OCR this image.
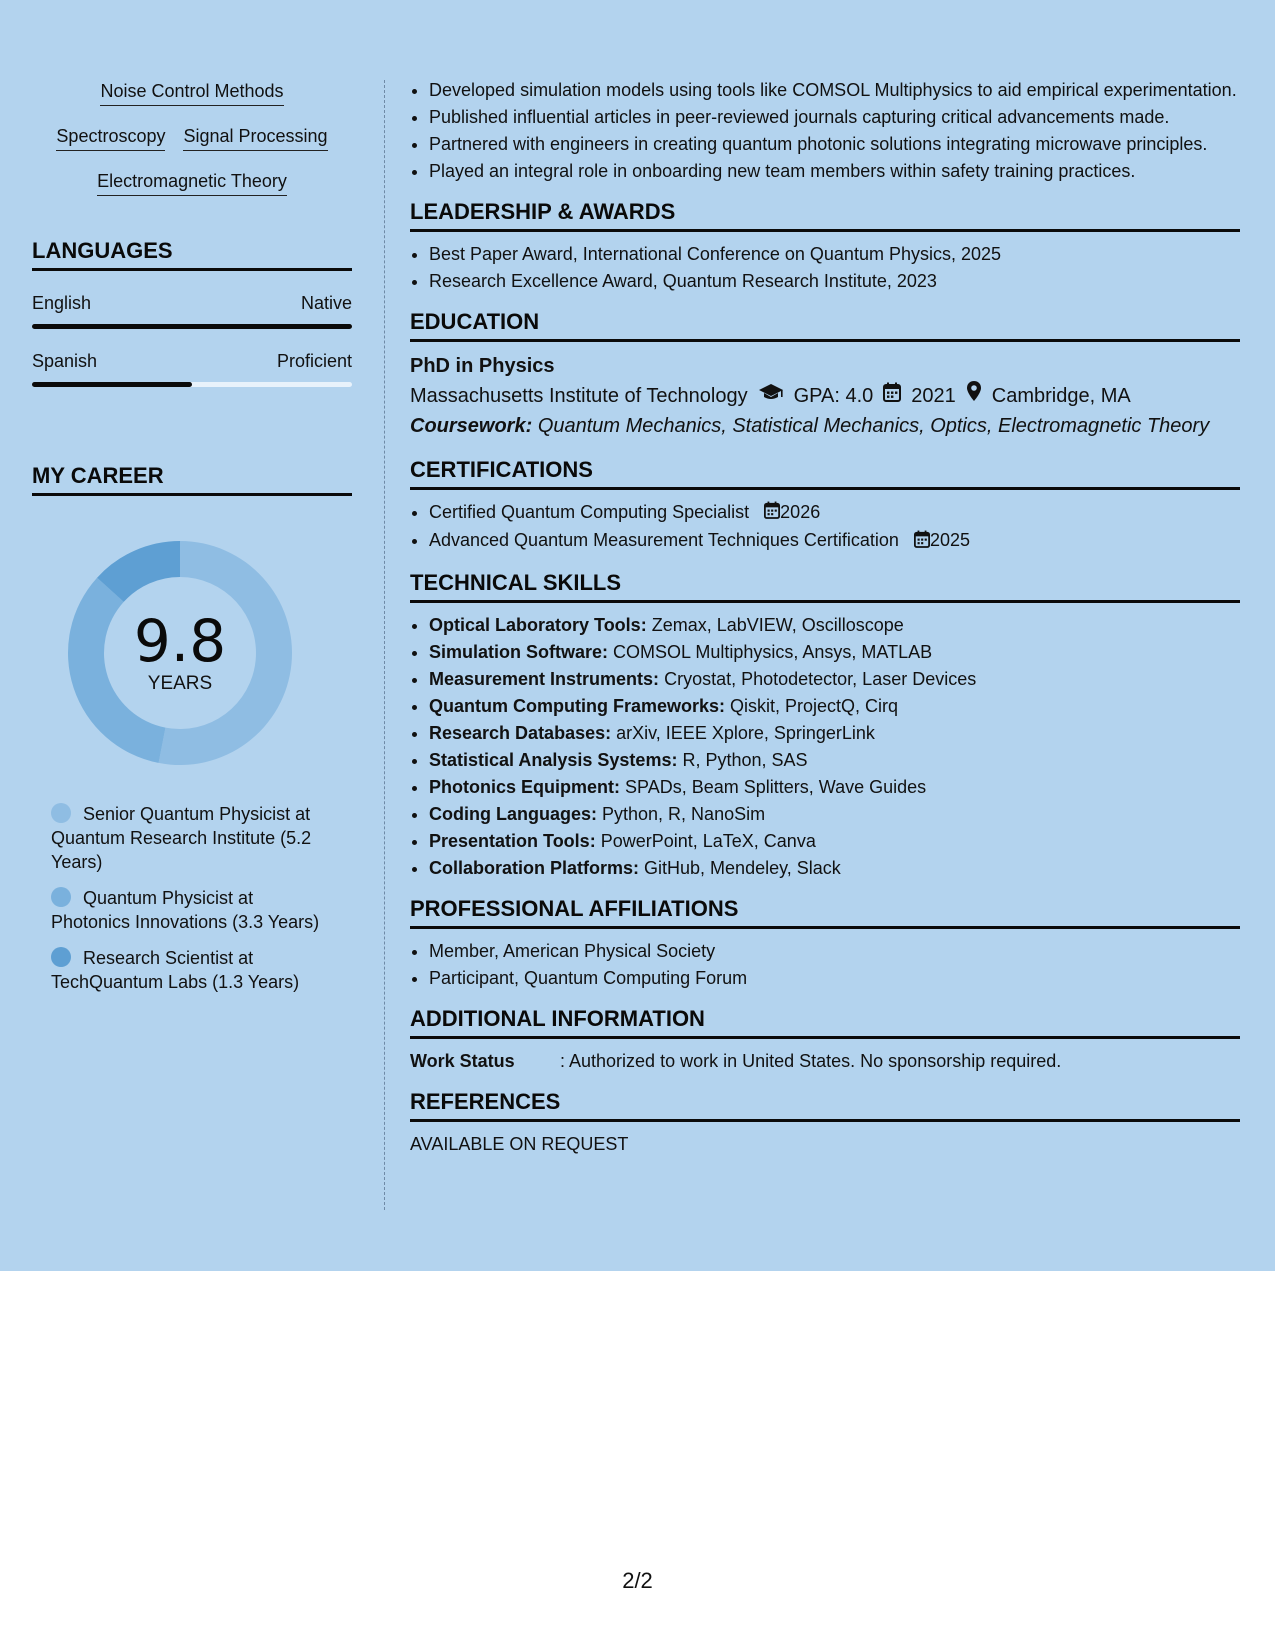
Noise Control Methods
Spectroscopy Signal Processing
Electromagnetic Theory
LANGUAGES
English	Native
Spanish	Proficient
MY CAREER
9.8
YEARS
Senior Quantum Physicist at Quantum Research Institute (5.2 Years)
Quantum Physicist at Photonics Innovations (3.3 Years)
Research Scientist at TechQuantum Labs (1.3 Years)
• Developed simulation models using tools like COMSOL Multiphysics to aid empirical experimentation.
• Published influential articles in peer-reviewed journals capturing critical advancements made.
• Partnered with engineers in creating quantum photonic solutions integrating microwave principles.
• Played an integral role in onboarding new team members within safety training practices.
LEADERSHIP & AWARDS
• Best Paper Award, International Conference on Quantum Physics, 2025
• Research Excellence Award, Quantum Research Institute, 2023
EDUCATION
PhD in Physics
Massachusetts Institute of Technology GPA: 4.0 2021 Cambridge, MA
Coursework: Quantum Mechanics, Statistical Mechanics, Optics, Electromagnetic Theory
CERTIFICATIONS
• Certified Quantum Computing Specialist 2026
• Advanced Quantum Measurement Techniques Certification 2025
TECHNICAL SKILLS
• Optical Laboratory Tools: Zemax, LabVIEW, Oscilloscope
• Simulation Software: COMSOL Multiphysics, Ansys, MATLAB
• Measurement Instruments: Cryostat, Photodetector, Laser Devices
• Quantum Computing Frameworks: Qiskit, ProjectQ, Cirq
• Research Databases: arXiv, IEEE Xplore, SpringerLink
• Statistical Analysis Systems: R, Python, SAS
• Photonics Equipment: SPADs, Beam Splitters, Wave Guides
• Coding Languages: Python, R, NanoSim
• Presentation Tools: PowerPoint, LaTeX, Canva
• Collaboration Platforms: GitHub, Mendeley, Slack
PROFESSIONAL AFFILIATIONS
• Member, American Physical Society
• Participant, Quantum Computing Forum
ADDITIONAL INFORMATION
Work Status	: Authorized to work in United States. No sponsorship required.
REFERENCES
AVAILABLE ON REQUEST
2/2
